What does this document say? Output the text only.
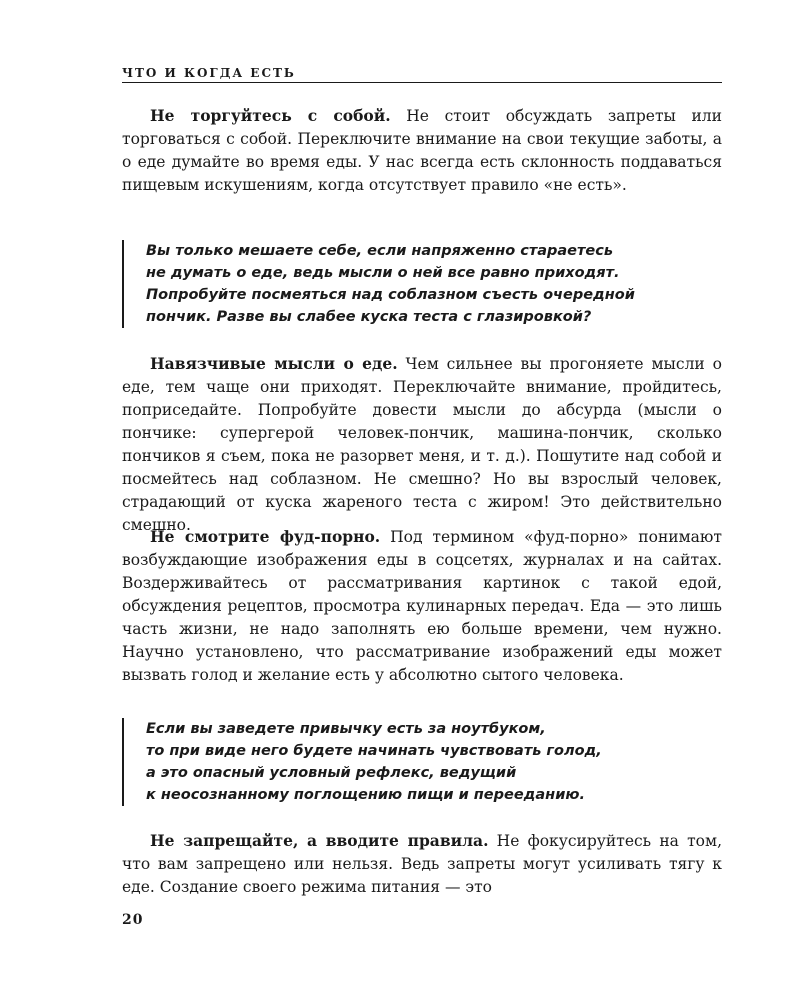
ЧТО И КОГДА ЕСТЬ

Не торгуйтесь с собой. Не стоит обсуждать запреты или торговаться с собой. Переключите внимание на свои текущие заботы, а о еде думайте во время еды. У нас всегда есть склонность поддаваться пищевым искушениям, когда отсутствует правило «не есть».

Вы только мешаете себе, если напряженно стараетесь
не думать о еде, ведь мысли о ней все равно приходят.
Попробуйте посмеяться над соблазном съесть очередной
пончик. Разве вы слабее куска теста с глазировкой?

Навязчивые мысли о еде. Чем сильнее вы прогоняете мысли о еде, тем чаще они приходят. Переключайте внимание, пройдитесь, поприседайте. Попробуйте довести мысли до абсурда (мысли о пончике: супергерой человек-пончик, машина-пончик, сколько пончиков я съем, пока не разорвет меня, и т. д.). Пошутите над собой и посмейтесь над соблазном. Не смешно? Но вы взрослый человек, страдающий от куска жареного теста с жиром! Это действительно смешно.

Не смотрите фуд-порно. Под термином «фуд-порно» понимают возбуждающие изображения еды в соцсетях, журналах и на сайтах. Воздерживайтесь от рассматривания картинок с такой едой, обсуждения рецептов, просмотра кулинарных передач. Еда — это лишь часть жизни, не надо заполнять ею больше времени, чем нужно. Научно установлено, что рассматривание изображений еды может вызвать голод и желание есть у абсолютно сытого человека.

Если вы заведете привычку есть за ноутбуком,
то при виде него будете начинать чувствовать голод,
а это опасный условный рефлекс, ведущий
к неосознанному поглощению пищи и перееданию.

Не запрещайте, а вводите правила. Не фокусируйтесь на том, что вам запрещено или нельзя. Ведь запреты могут усиливать тягу к еде. Создание своего режима питания — это

20
